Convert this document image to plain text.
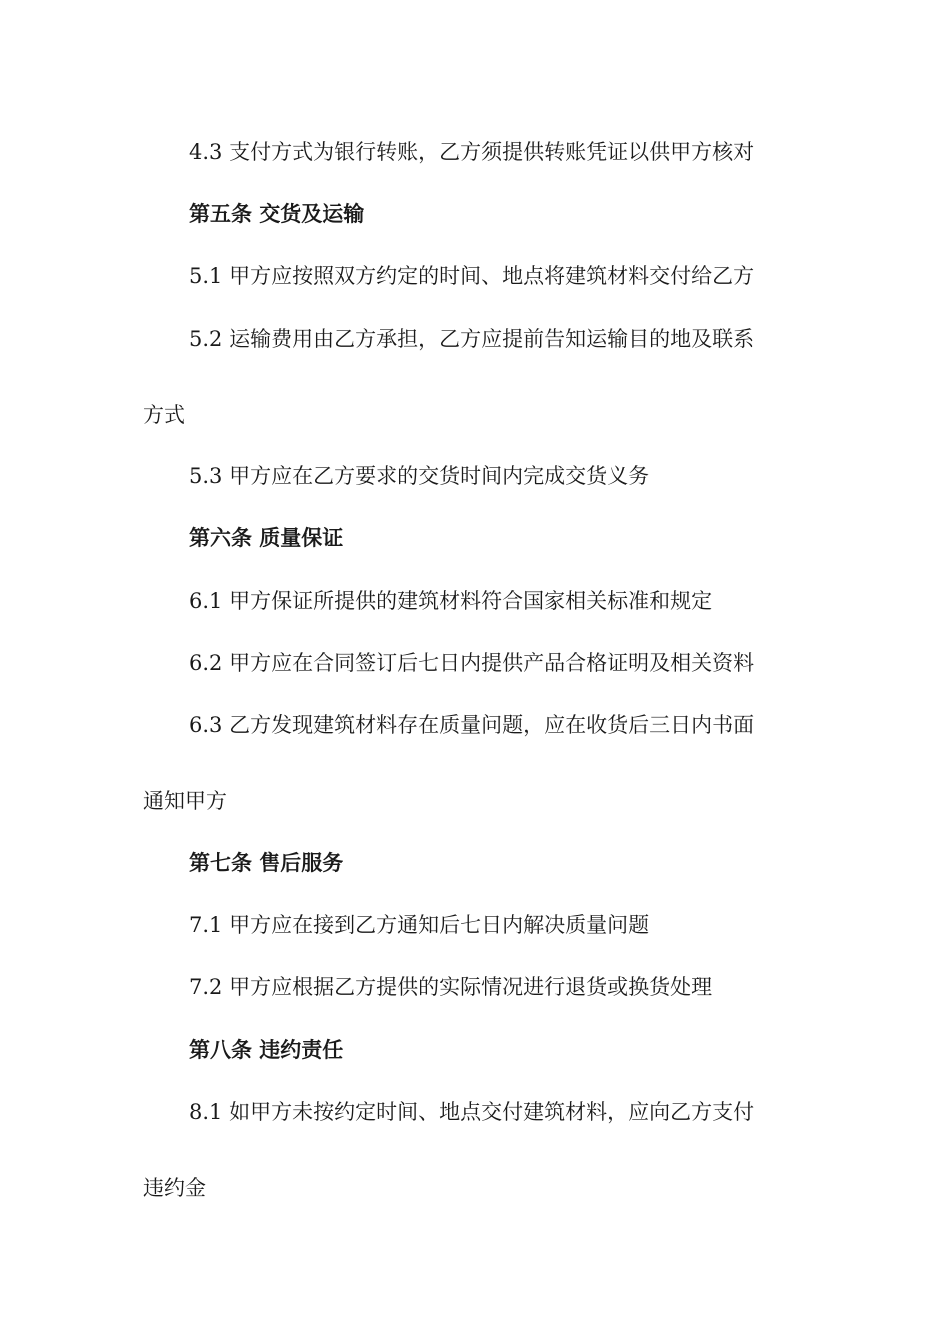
4.3 支付方式为银行转账，乙方须提供转账凭证以供甲方核对
第五条 交货及运输
5.1 甲方应按照双方约定的时间、地点将建筑材料交付给乙方
5.2 运输费用由乙方承担，乙方应提前告知运输目的地及联系
方式
5.3 甲方应在乙方要求的交货时间内完成交货义务
第六条 质量保证
6.1 甲方保证所提供的建筑材料符合国家相关标准和规定
6.2 甲方应在合同签订后七日内提供产品合格证明及相关资料
6.3 乙方发现建筑材料存在质量问题，应在收货后三日内书面
通知甲方
第七条 售后服务
7.1 甲方应在接到乙方通知后七日内解决质量问题
7.2 甲方应根据乙方提供的实际情况进行退货或换货处理
第八条 违约责任
8.1 如甲方未按约定时间、地点交付建筑材料，应向乙方支付
违约金
